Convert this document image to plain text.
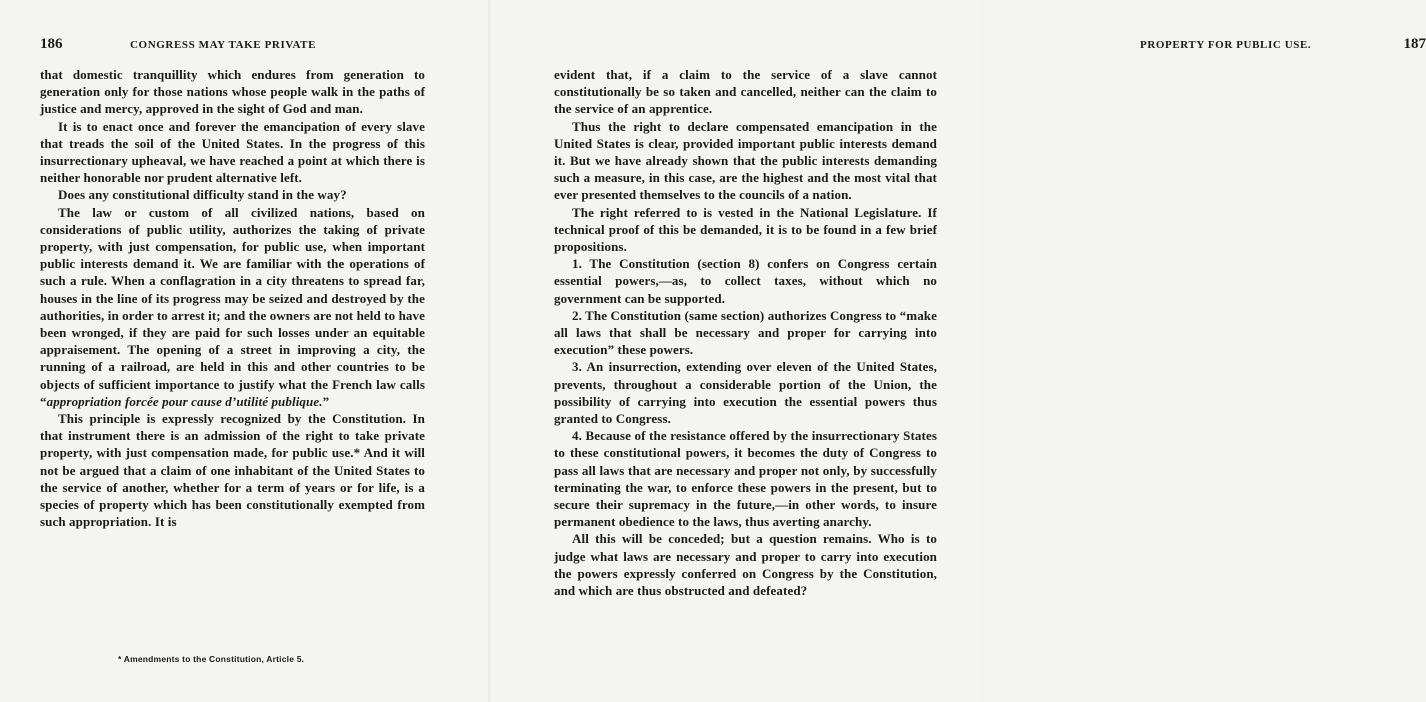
186	CONGRESS MAY TAKE PRIVATE

that domestic tranquillity which endures from generation to generation only for those nations whose people walk in the paths of justice and mercy, approved in the sight of God and man.

It is to enact once and forever the emancipation of every slave that treads the soil of the United States. In the progress of this insurrectionary upheaval, we have reached a point at which there is neither honorable nor prudent alternative left.

Does any constitutional difficulty stand in the way?

The law or custom of all civilized nations, based on considerations of public utility, authorizes the taking of private property, with just compensation, for public use, when important public interests demand it. We are familiar with the operations of such a rule. When a conflagration in a city threatens to spread far, houses in the line of its progress may be seized and destroyed by the authorities, in order to arrest it; and the owners are not held to have been wronged, if they are paid for such losses under an equitable appraisement. The opening of a street in improving a city, the running of a railroad, are held in this and other countries to be objects of sufficient importance to justify what the French law calls “appropriation forcée pour cause d’utilité publique.”

This principle is expressly recognized by the Constitution. In that instrument there is an admission of the right to take private property, with just compensation made, for public use.* And it will not be argued that a claim of one inhabitant of the United States to the service of another, whether for a term of years or for life, is a species of property which has been constitutionally exempted from such appropriation. It is

* Amendments to the Constitution, Article 5.
PROPERTY FOR PUBLIC USE.	187

evident that, if a claim to the service of a slave cannot constitutionally be so taken and cancelled, neither can the claim to the service of an apprentice.

Thus the right to declare compensated emancipation in the United States is clear, provided important public interests demand it. But we have already shown that the public interests demanding such a measure, in this case, are the highest and the most vital that ever presented themselves to the councils of a nation.

The right referred to is vested in the National Legislature. If technical proof of this be demanded, it is to be found in a few brief propositions.

1. The Constitution (section 8) confers on Congress certain essential powers,—as, to collect taxes, without which no government can be supported.

2. The Constitution (same section) authorizes Congress to “make all laws that shall be necessary and proper for carrying into execution” these powers.

3. An insurrection, extending over eleven of the United States, prevents, throughout a considerable portion of the Union, the possibility of carrying into execution the essential powers thus granted to Congress.

4. Because of the resistance offered by the insurrectionary States to these constitutional powers, it becomes the duty of Congress to pass all laws that are necessary and proper not only, by successfully terminating the war, to enforce these powers in the present, but to secure their supremacy in the future,—in other words, to insure permanent obedience to the laws, thus averting anarchy.

All this will be conceded; but a question remains. Who is to judge what laws are necessary and proper to carry into execution the powers expressly conferred on Congress by the Constitution, and which are thus obstructed and defeated?
